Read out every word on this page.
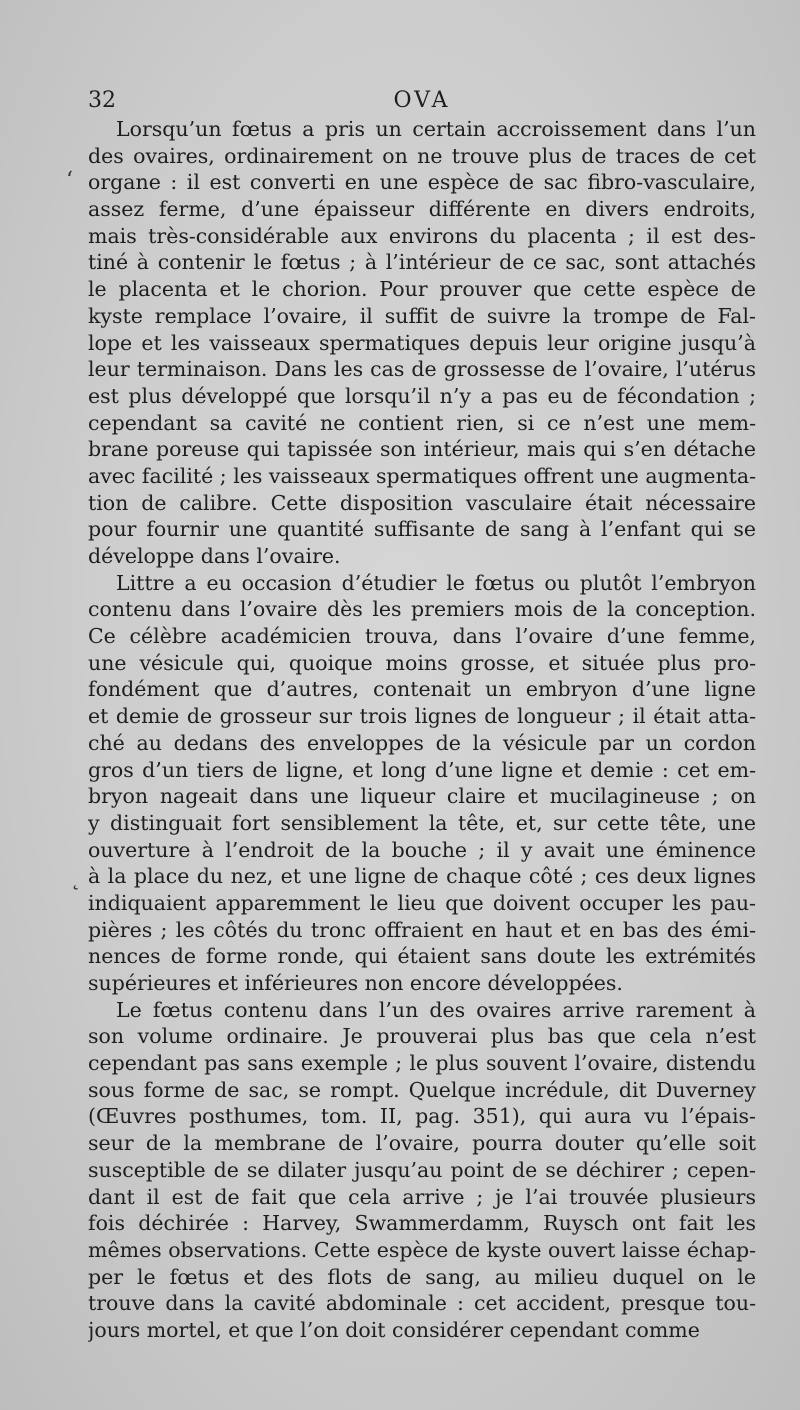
32	OVA
‘
˛
Lorsqu’un fœtus a pris un certain accroissement dans l’un
des ovaires, ordinairement on ne trouve plus de traces de cet
organe : il est converti en une espèce de sac fibro-vasculaire,
assez ferme, d’une épaisseur différente en divers endroits,
mais très-considérable aux environs du placenta ; il est des-
tiné à contenir le fœtus ; à l’intérieur de ce sac, sont attachés
le placenta et le chorion. Pour prouver que cette espèce de
kyste remplace l’ovaire, il suffit de suivre la trompe de Fal-
lope et les vaisseaux spermatiques depuis leur origine jusqu’à
leur terminaison. Dans les cas de grossesse de l’ovaire, l’utérus
est plus développé que lorsqu’il n’y a pas eu de fécondation ;
cependant sa cavité ne contient rien, si ce n’est une mem-
brane poreuse qui tapissée son intérieur, mais qui s’en détache
avec facilité ; les vaisseaux spermatiques offrent une augmenta-
tion de calibre. Cette disposition vasculaire était nécessaire
pour fournir une quantité suffisante de sang à l’enfant qui se
développe dans l’ovaire.
Littre a eu occasion d’étudier le fœtus ou plutôt l’embryon
contenu dans l’ovaire dès les premiers mois de la conception.
Ce célèbre académicien trouva, dans l’ovaire d’une femme,
une vésicule qui, quoique moins grosse, et située plus pro-
fondément que d’autres, contenait un embryon d’une ligne
et demie de grosseur sur trois lignes de longueur ; il était atta-
ché au dedans des enveloppes de la vésicule par un cordon
gros d’un tiers de ligne, et long d’une ligne et demie : cet em-
bryon nageait dans une liqueur claire et mucilagineuse ; on
y distinguait fort sensiblement la tête, et, sur cette tête, une
ouverture à l’endroit de la bouche ; il y avait une éminence
à la place du nez, et une ligne de chaque côté ; ces deux lignes
indiquaient apparemment le lieu que doivent occuper les pau-
pières ; les côtés du tronc offraient en haut et en bas des émi-
nences de forme ronde, qui étaient sans doute les extrémités
supérieures et inférieures non encore développées.
Le fœtus contenu dans l’un des ovaires arrive rarement à
son volume ordinaire. Je prouverai plus bas que cela n’est
cependant pas sans exemple ; le plus souvent l’ovaire, distendu
sous forme de sac, se rompt. Quelque incrédule, dit Duverney
(Œuvres posthumes, tom. II, pag. 351), qui aura vu l’épais-
seur de la membrane de l’ovaire, pourra douter qu’elle soit
susceptible de se dilater jusqu’au point de se déchirer ; cepen-
dant il est de fait que cela arrive ; je l’ai trouvée plusieurs
fois déchirée : Harvey, Swammerdamm, Ruysch ont fait les
mêmes observations. Cette espèce de kyste ouvert laisse échap-
per le fœtus et des flots de sang, au milieu duquel on le
trouve dans la cavité abdominale : cet accident, presque tou-
jours mortel, et que l’on doit considérer cependant comme
